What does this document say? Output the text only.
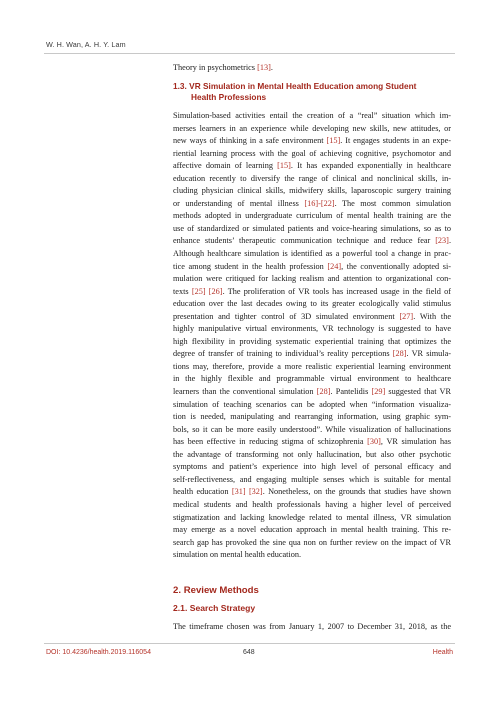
W. H. Wan, A. H. Y. Lam
Theory in psychometrics [13].
1.3. VR Simulation in Mental Health Education among Student
Health Professions
Simulation-based activities entail the creation of a “real” situation which im-
merses learners in an experience while developing new skills, new attitudes, or
new ways of thinking in a safe environment [15]. It engages students in an expe-
riential learning process with the goal of achieving cognitive, psychomotor and
affective domain of learning [15]. It has expanded exponentially in healthcare
education recently to diversify the range of clinical and nonclinical skills, in-
cluding physician clinical skills, midwifery skills, laparoscopic surgery training
or understanding of mental illness [16]-[22]. The most common simulation
methods adopted in undergraduate curriculum of mental health training are the
use of standardized or simulated patients and voice-hearing simulations, so as to
enhance students’ therapeutic communication technique and reduce fear [23].
Although healthcare simulation is identified as a powerful tool a change in prac-
tice among student in the health profession [24], the conventionally adopted si-
mulation were critiqued for lacking realism and attention to organizational con-
texts [25] [26]. The proliferation of VR tools has increased usage in the field of
education over the last decades owing to its greater ecologically valid stimulus
presentation and tighter control of 3D simulated environment [27]. With the
highly manipulative virtual environments, VR technology is suggested to have
high flexibility in providing systematic experiential training that optimizes the
degree of transfer of training to individual’s reality perceptions [28]. VR simula-
tions may, therefore, provide a more realistic experiential learning environment
in the highly flexible and programmable virtual environment to healthcare
learners than the conventional simulation [28]. Pantelidis [29] suggested that VR
simulation of teaching scenarios can be adopted when “information visualiza-
tion is needed, manipulating and rearranging information, using graphic sym-
bols, so it can be more easily understood”. While visualization of hallucinations
has been effective in reducing stigma of schizophrenia [30], VR simulation has
the advantage of transforming not only hallucination, but also other psychotic
symptoms and patient’s experience into high level of personal efficacy and
self-reflectiveness, and engaging multiple senses which is suitable for mental
health education [31] [32]. Nonetheless, on the grounds that studies have shown
medical students and health professionals having a higher level of perceived
stigmatization and lacking knowledge related to mental illness, VR simulation
may emerge as a novel education approach in mental health training. This re-
search gap has provoked the sine qua non on further review on the impact of VR
simulation on mental health education.
2. Review Methods
2.1. Search Strategy
The timeframe chosen was from January 1, 2007 to December 31, 2018, as the
DOI: 10.4236/health.2019.116054	648	Health
